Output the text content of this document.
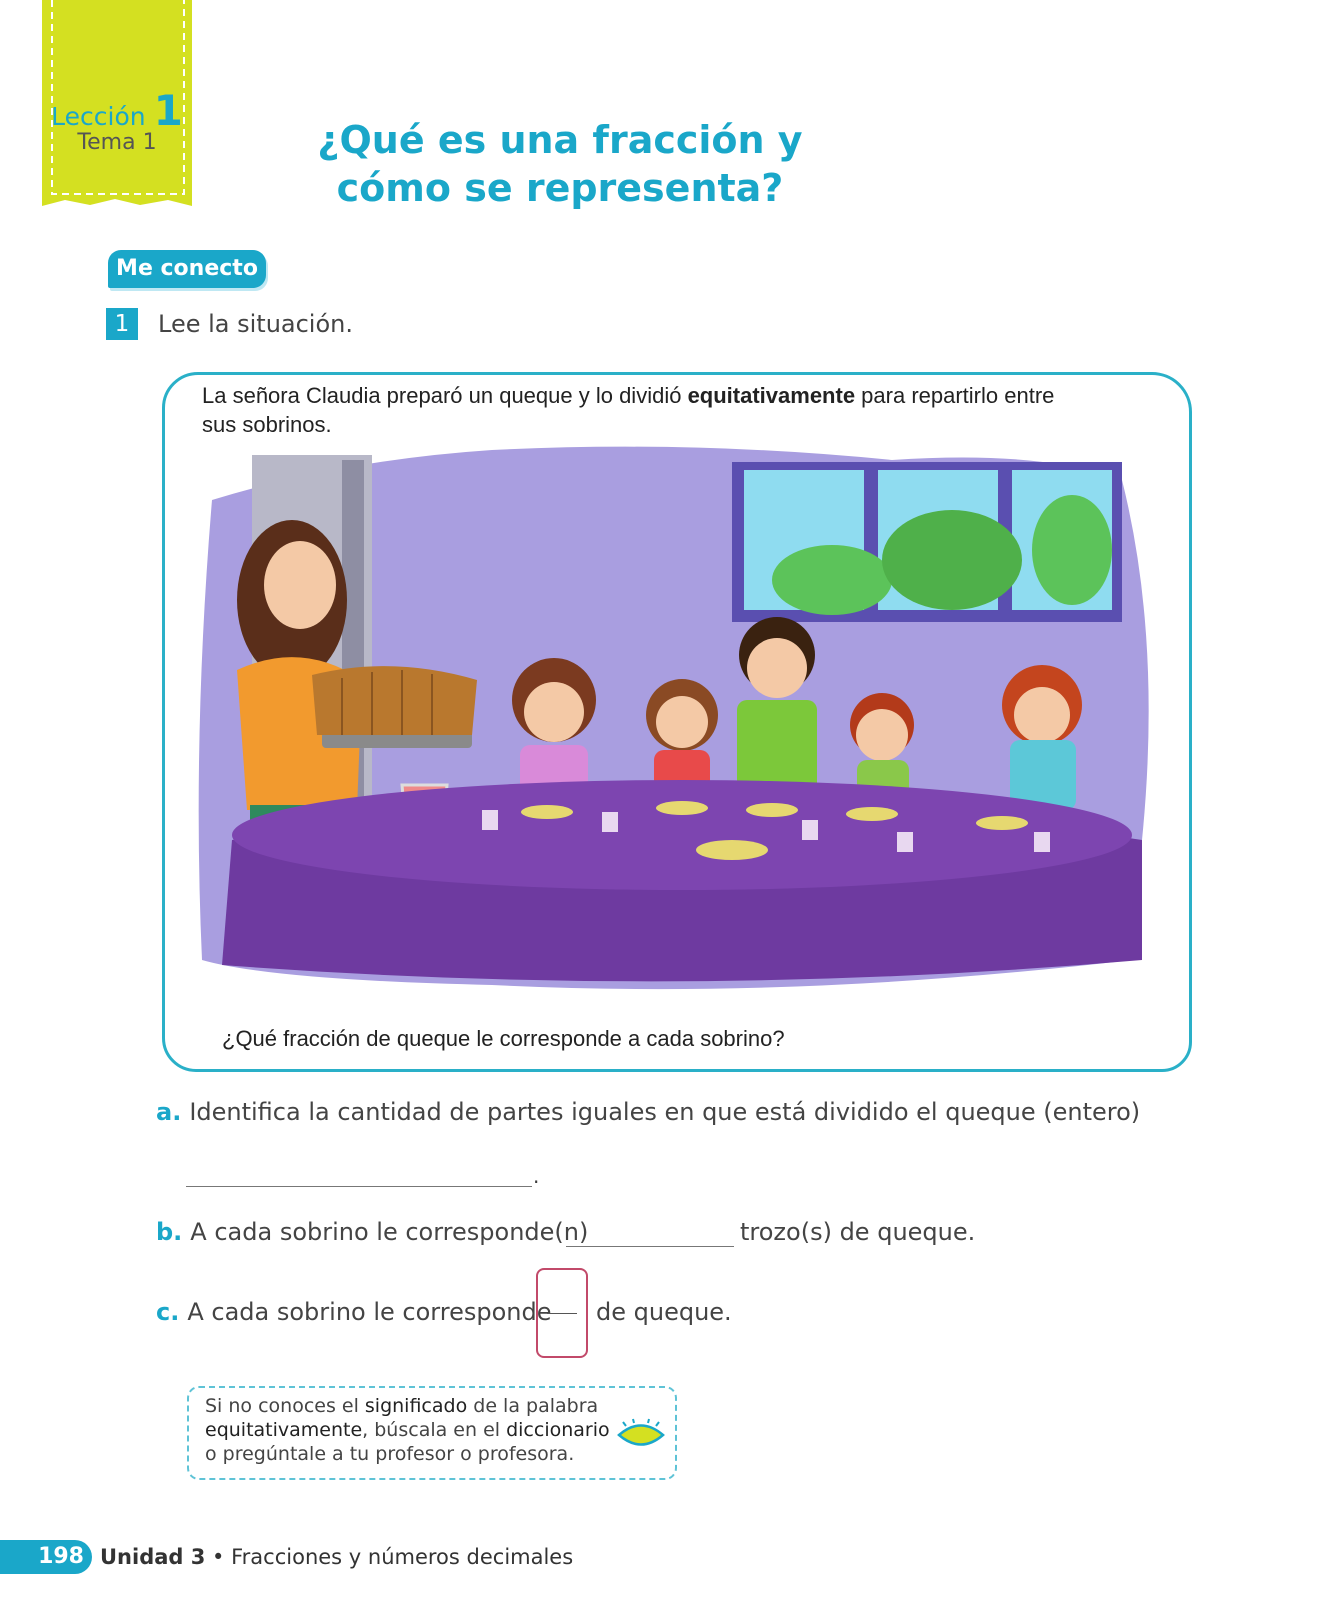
Lección 1
Tema 1	¿Qué es una fracción y
cómo se representa?
Me conecto
1	Lee la situación.
La señora Claudia preparó un queque y lo dividió equitativamente para repartirlo entre sus sobrinos.
¿Qué fracción de queque le corresponde a cada sobrino?
a. Identifica la cantidad de partes iguales en que está dividido el queque (entero)
.
b. A cada sobrino le corresponde(n)	trozo(s) de queque.
c. A cada sobrino le corresponde de queque.
Si no conoces el significado de la palabra equitativamente, búscala en el diccionario o pregúntale a tu profesor o profesora.
198 Unidad 3 • Fracciones y números decimales
